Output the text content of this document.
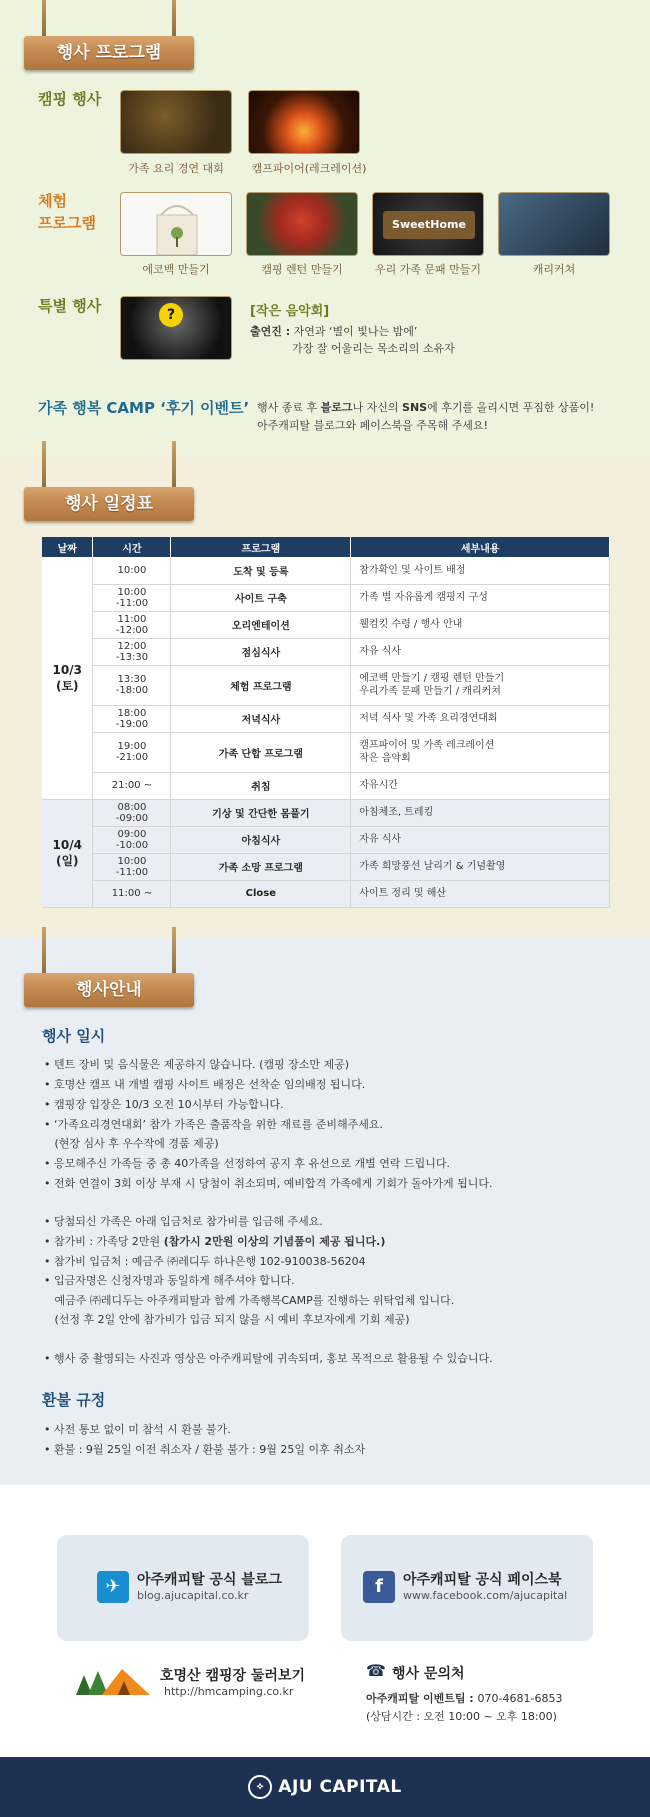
행사 프로그램
캠핑 행사
가족 요리 경연 대회	캠프파이어(레크레이션)
체험
프로그램
에코백 만들기	캠핑 렌턴 만들기
SweetHome
우리 가족 문패 만들기	캐리커쳐
특별 행사	?	[작은 음악회]
출연진 : 자연과 ‘별이 빛나는 밤에’
가장 잘 어울리는 목소리의 소유자
가족 행복 CAMP ‘후기 이벤트’ 행사 종료 후 블로그나 자신의 SNS에 후기를 올리시면 푸짐한 상품이!
아주캐피탈 블로그와 페이스북을 주목해 주세요!
행사 일정표
날짜	시간	프로그램	세부내용

10/3
(토)	10:00	도착 및 등록	참가확인 및 사이트 배정
	10:00 -11:00	사이트 구축	가족 별 자유롭게 캠핑지 구성
	11:00 -12:00	오리엔테이션	웰컴킷 수령 / 행사 안내
	12:00 -13:30	점심식사	자유 식사
	13:30 -18:00	체험 프로그램	에코백 만들기 / 캠핑 렌턴 만들기
우리가족 문패 만들기 / 캐리커쳐
	18:00 -19:00	저녁식사	저녁 식사 및 가족 요리경연대회
	19:00 -21:00	가족 단합 프로그램	캠프파이어 및 가족 레크레이션
작은 음악회
	21:00 ~	취침	자유시간

10/4
(일)	08:00 -09:00	기상 및 간단한 몸풀기	아침체조, 트레킹
	09:00 -10:00	아침식사	자유 식사
	10:00 -11:00	가족 소망 프로그램	가족 희망풍선 날리기 & 기념촬영
	11:00 ~	Close	사이트 정리 및 해산
행사안내
행사 일시
• 텐트 장비 및 음식물은 제공하지 않습니다. (캠핑 장소만 제공)
• 호명산 캠프 내 개별 캠핑 사이트 배정은 선착순 임의배정 됩니다.
• 캠핑장 입장은 10/3 오전 10시부터 가능합니다.
• ‘가족요리경연대회’ 참가 가족은 출품작을 위한 재료를 준비해주세요.
(현장 심사 후 우수작에 경품 제공)
• 응모해주신 가족들 중 총 40가족을 선정하여 공지 후 유선으로 개별 연락 드립니다.
• 전화 연결이 3회 이상 부재 시 당첨이 취소되며, 예비합격 가족에게 기회가 돌아가게 됩니다.
• 당첨되신 가족은 아래 입금처로 참가비를 입금해 주세요.
• 참가비 : 가족당 2만원 (참가시 2만원 이상의 기념품이 제공 됩니다.)
• 참가비 입금처 : 예금주 ㈜레디두 하나은행 102-910038-56204
• 입금자명은 신청자명과 동일하게 해주셔야 합니다.
예금주 ㈜레디두는 아주캐피탈과 함께 가족행복CAMP를 진행하는 위탁업체 입니다.
(선정 후 2일 안에 참가비가 입금 되지 않을 시 예비 후보자에게 기회 제공)
• 행사 중 촬영되는 사진과 영상은 아주캐피탈에 귀속되며, 홍보 목적으로 활용될 수 있습니다.
환불 규정
• 사전 통보 없이 미 참석 시 환불 불가.
• 환불 : 9월 25일 이전 취소자 / 환불 불가 : 9월 25일 이후 취소자
✈	아주캐피탈 공식 블로그
blog.ajucapital.co.kr	f	아주캐피탈 공식 페이스북
www.facebook.com/ajucapital
호명산 캠핑장 둘러보기
http://hmcamping.co.kr
☎ 행사 문의처
아주캐피탈 이벤트팀 : 070-4681-6853
(상담시간 : 오전 10:00 ~ 오후 18:00)
⟡ AJU CAPITAL
